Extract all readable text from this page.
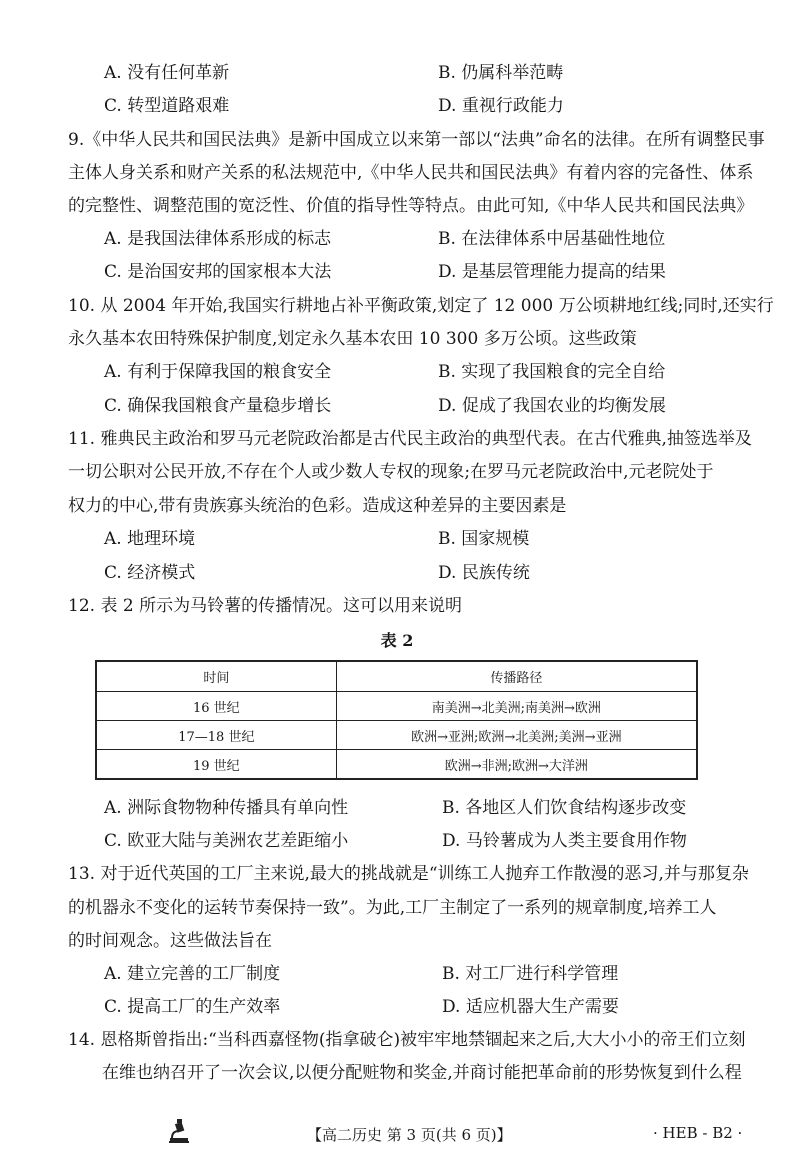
A. 没有任何革新	B. 仍属科举范畴
C. 转型道路艰难	D. 重视行政能力
9.《中华人民共和国民法典》是新中国成立以来第一部以“法典”命名的法律。在所有调整民事
主体人身关系和财产关系的私法规范中,《中华人民共和国民法典》有着内容的完备性、体系
的完整性、调整范围的宽泛性、价值的指导性等特点。由此可知,《中华人民共和国民法典》
A. 是我国法律体系形成的标志	B. 在法律体系中居基础性地位
C. 是治国安邦的国家根本大法	D. 是基层管理能力提高的结果
10. 从 2004 年开始,我国实行耕地占补平衡政策,划定了 12 000 万公顷耕地红线;同时,还实行
永久基本农田特殊保护制度,划定永久基本农田 10 300 多万公顷。这些政策
A. 有利于保障我国的粮食安全	B. 实现了我国粮食的完全自给
C. 确保我国粮食产量稳步增长	D. 促成了我国农业的均衡发展
11. 雅典民主政治和罗马元老院政治都是古代民主政治的典型代表。在古代雅典,抽签选举及
一切公职对公民开放,不存在个人或少数人专权的现象;在罗马元老院政治中,元老院处于
权力的中心,带有贵族寡头统治的色彩。造成这种差异的主要因素是
A. 地理环境	B. 国家规模
C. 经济模式	D. 民族传统
12. 表 2 所示为马铃薯的传播情况。这可以用来说明
表 2
时间	传播路径
16 世纪	南美洲→北美洲;南美洲→欧洲
17—18 世纪	欧洲→亚洲;欧洲→北美洲;美洲→亚洲
19 世纪	欧洲→非洲;欧洲→大洋洲
A. 洲际食物物种传播具有单向性	B. 各地区人们饮食结构逐步改变
C. 欧亚大陆与美洲农艺差距缩小	D. 马铃薯成为人类主要食用作物
13. 对于近代英国的工厂主来说,最大的挑战就是“训练工人抛弃工作散漫的恶习,并与那复杂
的机器永不变化的运转节奏保持一致”。为此,工厂主制定了一系列的规章制度,培养工人
的时间观念。这些做法旨在
A. 建立完善的工厂制度	B. 对工厂进行科学管理
C. 提高工厂的生产效率	D. 适应机器大生产需要
14. 恩格斯曾指出:“当科西嘉怪物(指拿破仑)被牢牢地禁锢起来之后,大大小小的帝王们立刻
在维也纳召开了一次会议,以便分配赃物和奖金,并商讨能把革命前的形势恢复到什么程
【高二历史 第 3 页(共 6 页)】	· HEB - B2 ·
